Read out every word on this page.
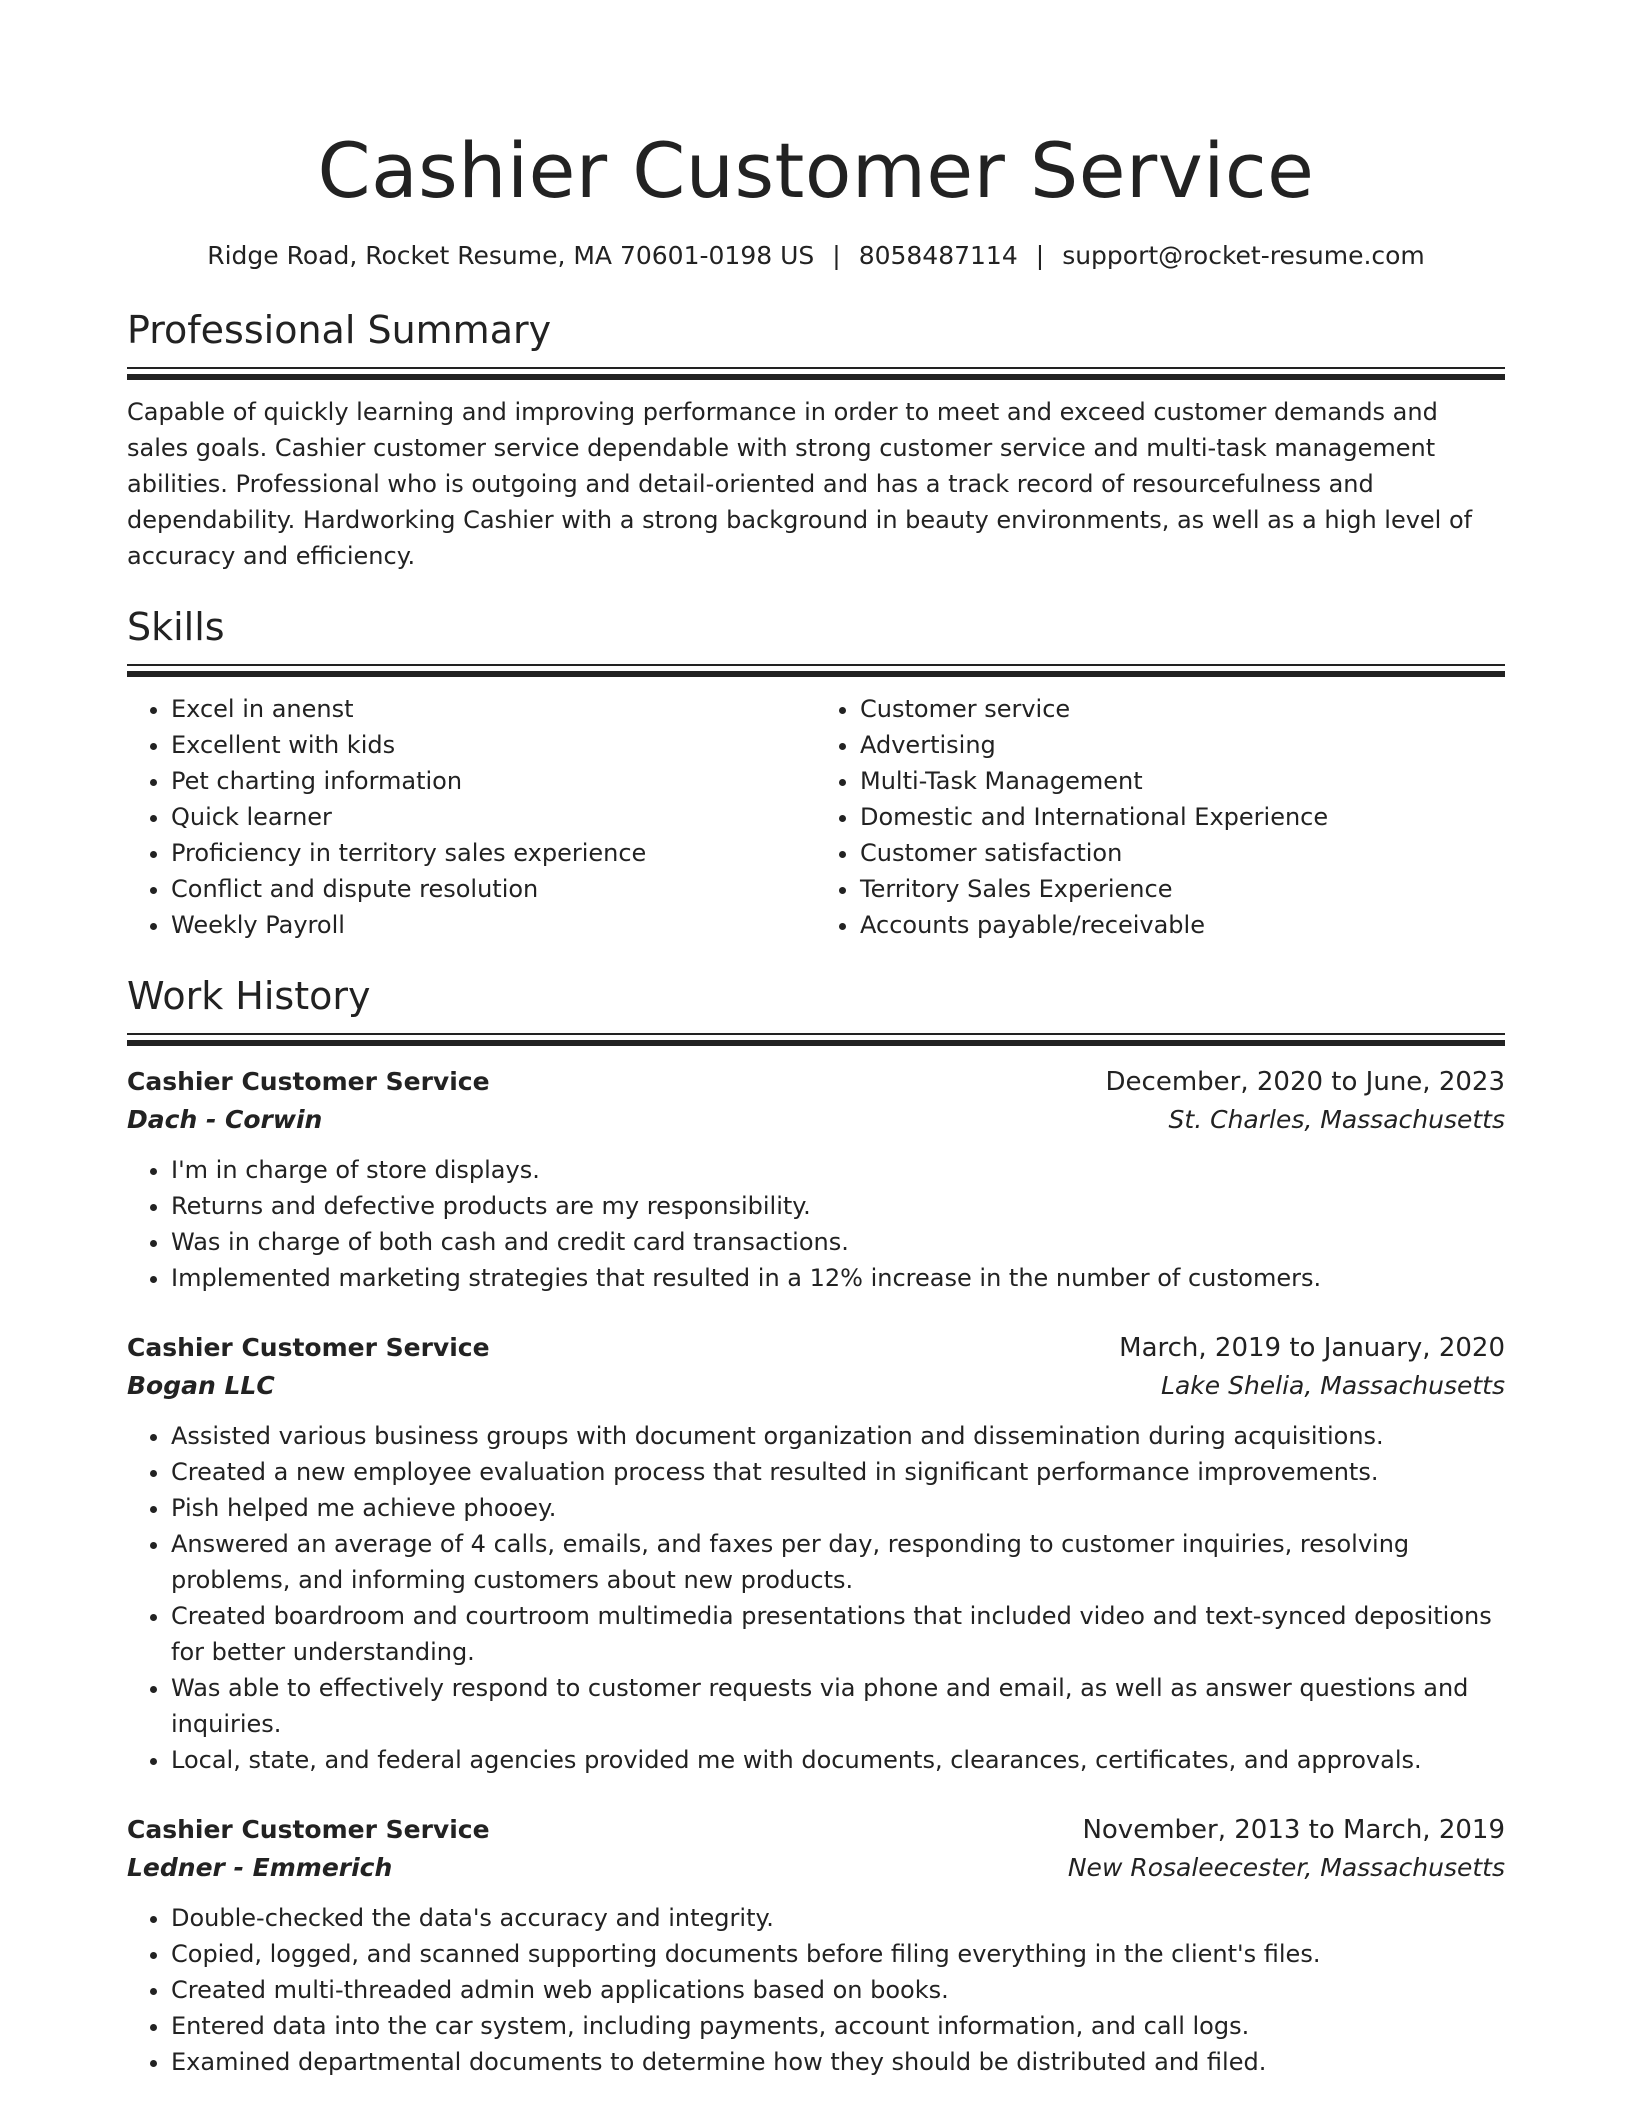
Cashier Customer Service
Ridge Road, Rocket Resume, MA 70601-0198 US | 8058487114 | support@rocket-resume.com
Professional Summary

Capable of quickly learning and improving performance in order to meet and exceed customer demands and sales goals. Cashier customer service dependable with strong customer service and multi-task management abilities. Professional who is outgoing and detail-oriented and has a track record of resourcefulness and dependability. Hardworking Cashier with a strong background in beauty environments, as well as a high level of accuracy and efficiency.

Skills
• Excel in anenst
• Excellent with kids
• Pet charting information
• Quick learner
• Proficiency in territory sales experience
• Conflict and dispute resolution
• Weekly Payroll
• Customer service
• Advertising
• Multi-Task Management
• Domestic and International Experience
• Customer satisfaction
• Territory Sales Experience
• Accounts payable/receivable
Work History
Cashier Customer Service	December, 2020 to June, 2023
Dach - Corwin	St. Charles, Massachusetts
• I'm in charge of store displays.
• Returns and defective products are my responsibility.
• Was in charge of both cash and credit card transactions.
• Implemented marketing strategies that resulted in a 12% increase in the number of customers.
Cashier Customer Service	March, 2019 to January, 2020
Bogan LLC	Lake Shelia, Massachusetts
• Assisted various business groups with document organization and dissemination during acquisitions.
• Created a new employee evaluation process that resulted in significant performance improvements.
• Pish helped me achieve phooey.
• Answered an average of 4 calls, emails, and faxes per day, responding to customer inquiries, resolving problems, and informing customers about new products.
• Created boardroom and courtroom multimedia presentations that included video and text-synced depositions for better understanding.
• Was able to effectively respond to customer requests via phone and email, as well as answer questions and inquiries.
• Local, state, and federal agencies provided me with documents, clearances, certificates, and approvals.
Cashier Customer Service	November, 2013 to March, 2019
Ledner - Emmerich	New Rosaleecester, Massachusetts
• Double-checked the data's accuracy and integrity.
• Copied, logged, and scanned supporting documents before filing everything in the client's files.
• Created multi-threaded admin web applications based on books.
• Entered data into the car system, including payments, account information, and call logs.
• Examined departmental documents to determine how they should be distributed and filed.
